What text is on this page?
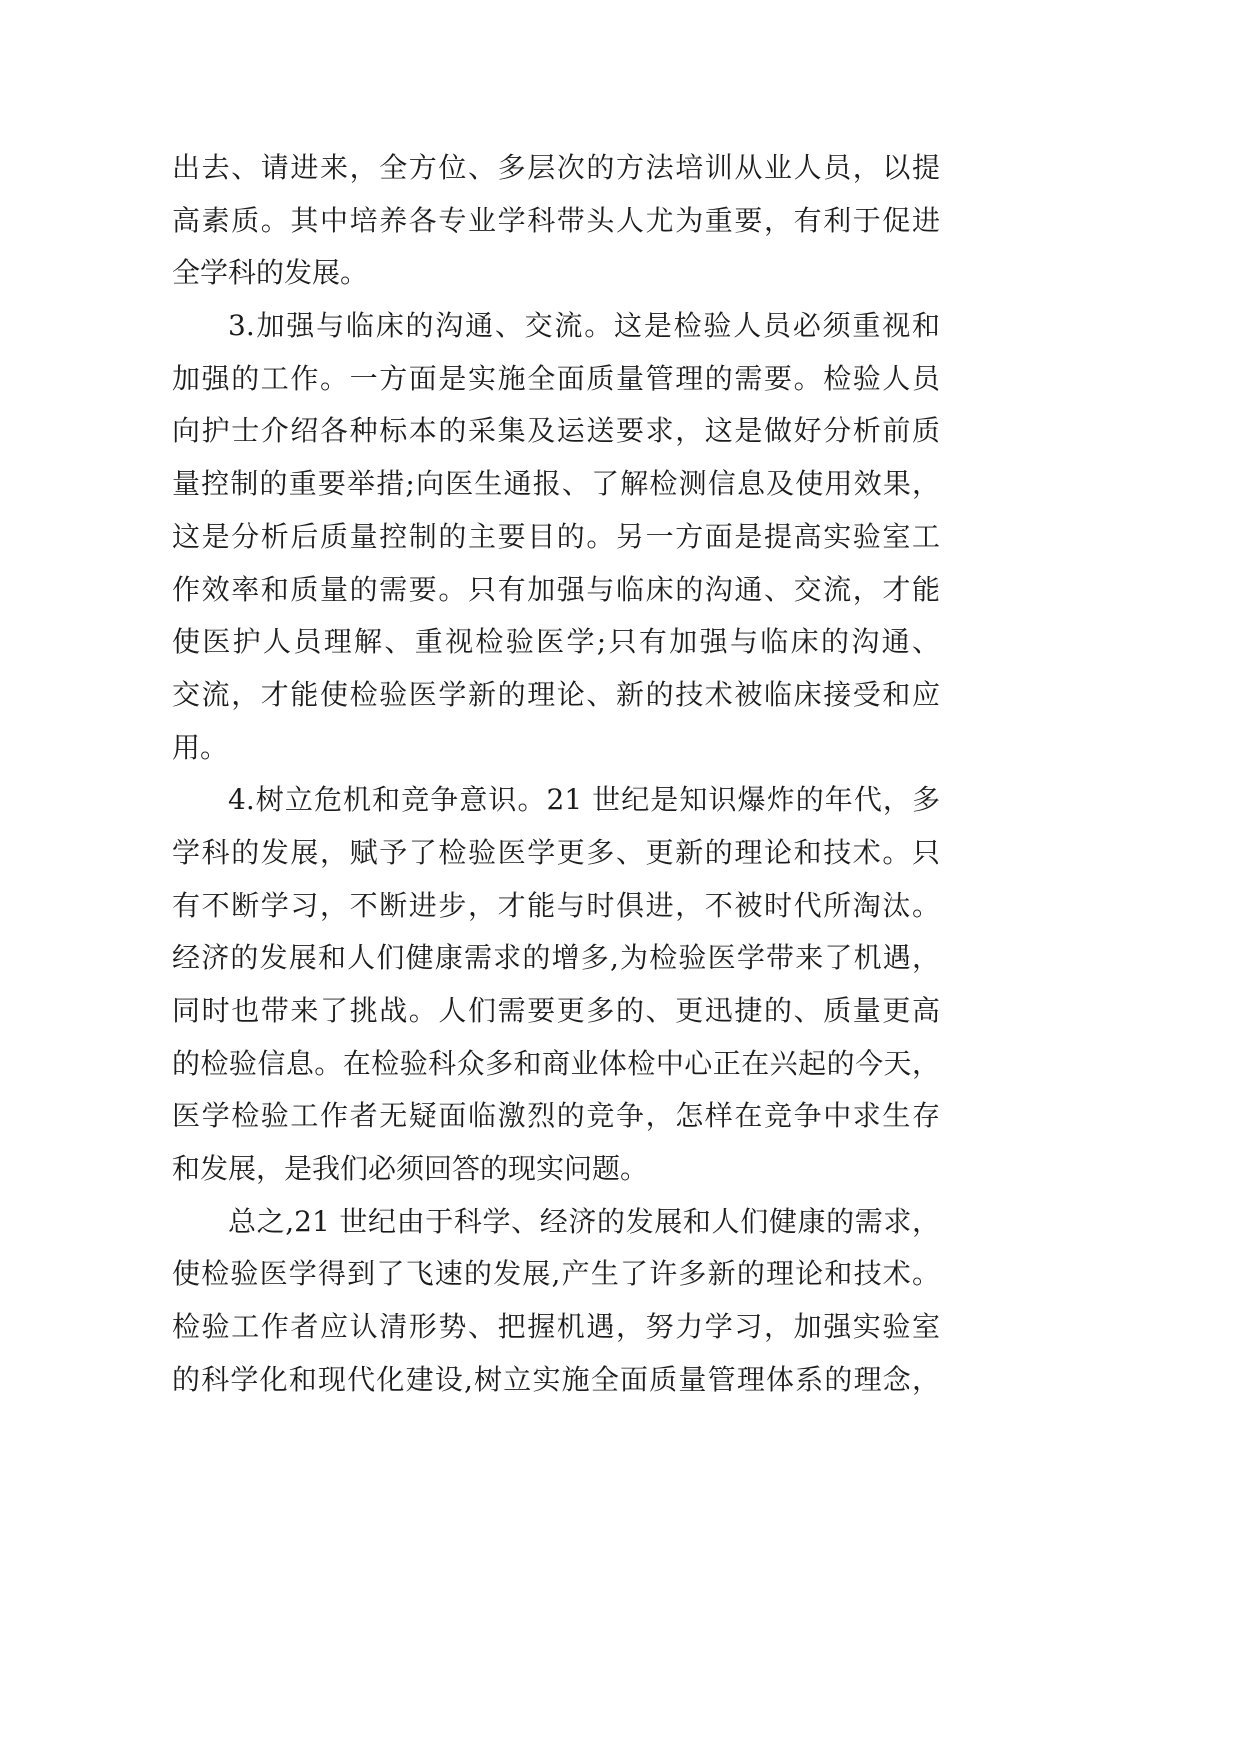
出去、请进来，全方位、多层次的方法培训从业人员，以提
高素质。其中培养各专业学科带头人尤为重要，有利于促进
全学科的发展。
3.加强与临床的沟通、交流。这是检验人员必须重视和
加强的工作。一方面是实施全面质量管理的需要。检验人员
向护士介绍各种标本的采集及运送要求，这是做好分析前质
量控制的重要举措;向医生通报、了解检测信息及使用效果，
这是分析后质量控制的主要目的。另一方面是提高实验室工
作效率和质量的需要。只有加强与临床的沟通、交流，才能
使医护人员理解、重视检验医学;只有加强与临床的沟通、
交流，才能使检验医学新的理论、新的技术被临床接受和应
用。
4.树立危机和竞争意识。21 世纪是知识爆炸的年代，多
学科的发展，赋予了检验医学更多、更新的理论和技术。只
有不断学习，不断进步，才能与时俱进，不被时代所淘汰。
经济的发展和人们健康需求的增多,为检验医学带来了机遇，
同时也带来了挑战。人们需要更多的、更迅捷的、质量更高
的检验信息。在检验科众多和商业体检中心正在兴起的今天，
医学检验工作者无疑面临激烈的竞争，怎样在竞争中求生存
和发展，是我们必须回答的现实问题。
总之,21 世纪由于科学、经济的发展和人们健康的需求，
使检验医学得到了飞速的发展,产生了许多新的理论和技术。
检验工作者应认清形势、把握机遇，努力学习，加强实验室
的科学化和现代化建设,树立实施全面质量管理体系的理念，
